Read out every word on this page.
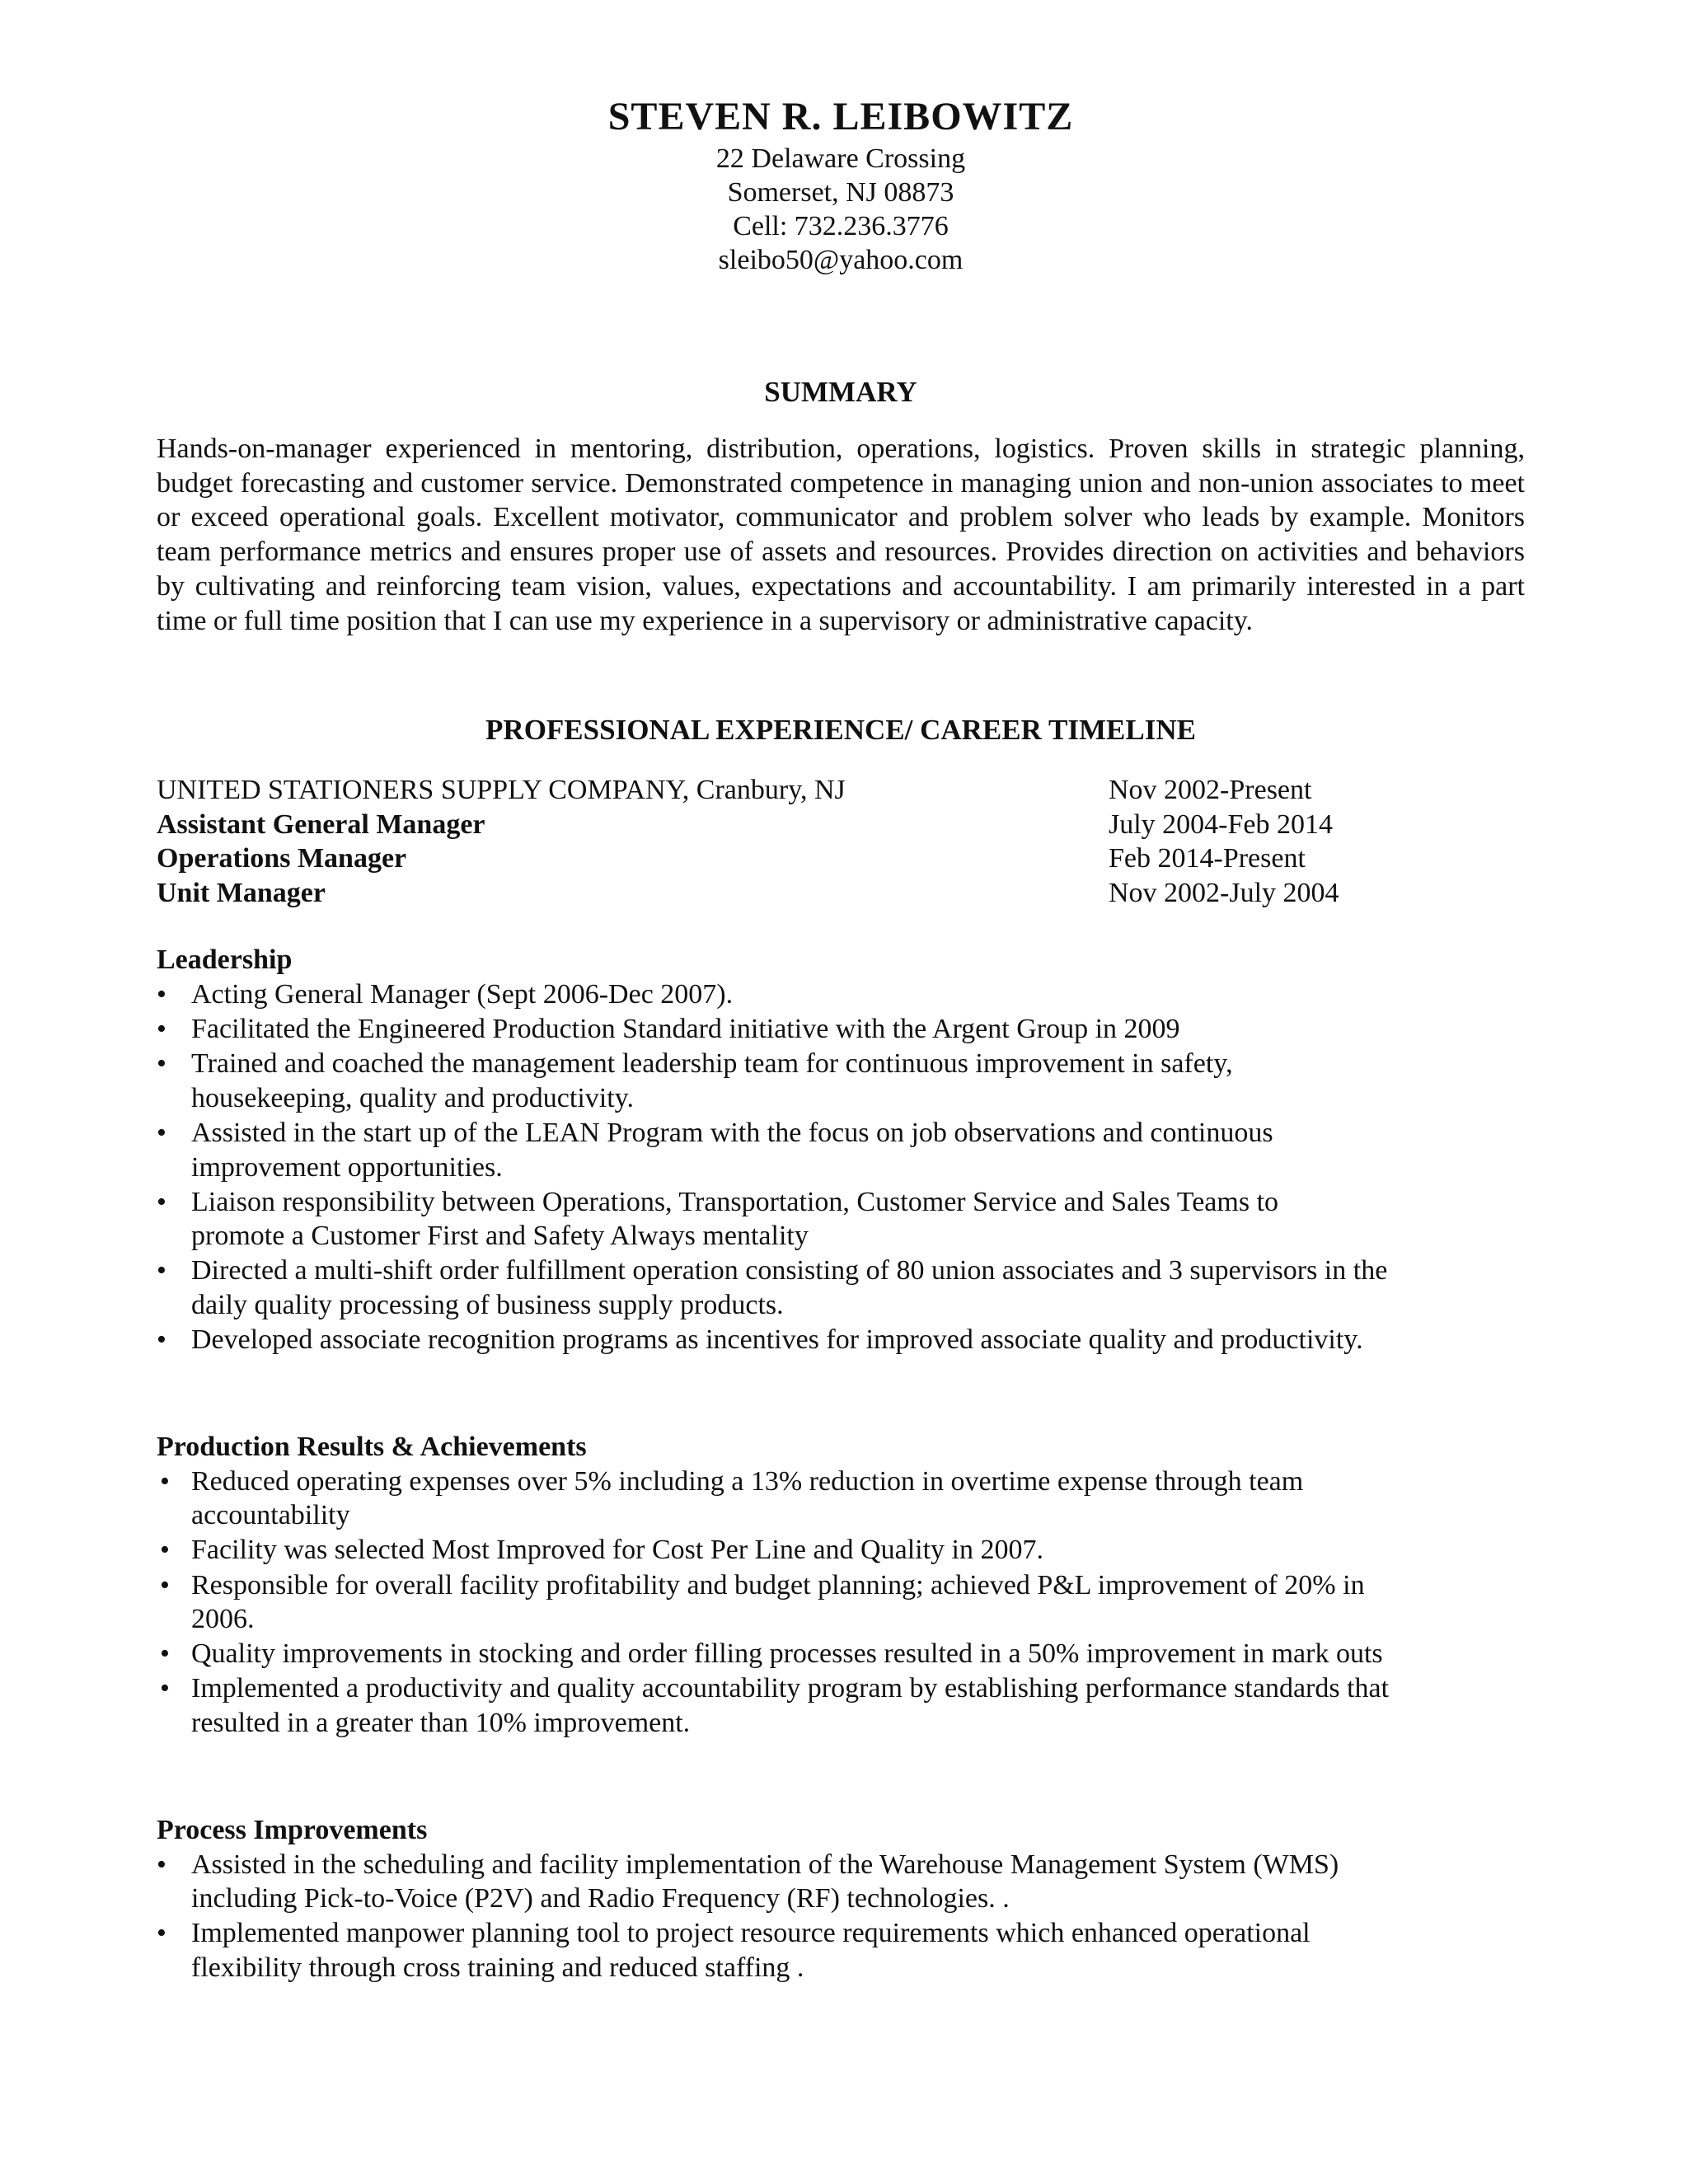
STEVEN R. LEIBOWITZ
22 Delaware Crossing
Somerset, NJ 08873
Cell: 732.236.3776
sleibo50@yahoo.com
SUMMARY
Hands-on-manager experienced in mentoring, distribution, operations, logistics. Proven skills in strategic planning, budget forecasting and customer service. Demonstrated competence in managing union and non-union associates to meet or exceed operational goals. Excellent motivator, communicator and problem solver who leads by example. Monitors team performance metrics and ensures proper use of assets and resources. Provides direction on activities and behaviors by cultivating and reinforcing team vision, values, expectations and accountability. I am primarily interested in a part time or full time position that I can use my experience in a supervisory or administrative capacity.
PROFESSIONAL EXPERIENCE/ CAREER TIMELINE
UNITED STATIONERS SUPPLY COMPANY, Cranbury, NJ	Nov 2002-Present
Assistant General Manager	July 2004-Feb 2014
Operations Manager	Feb 2014-Present
Unit Manager	Nov 2002-July 2004
Leadership
• Acting General Manager (Sept 2006-Dec 2007).
• Facilitated the Engineered Production Standard initiative with the Argent Group in 2009
• Trained and coached the management leadership team for continuous improvement in safety, housekeeping, quality and productivity.
• Assisted in the start up of the LEAN Program with the focus on job observations and continuous improvement opportunities.
• Liaison responsibility between Operations, Transportation, Customer Service and Sales Teams to promote a Customer First and Safety Always mentality
• Directed a multi-shift order fulfillment operation consisting of 80 union associates and 3 supervisors in the daily quality processing of business supply products.
• Developed associate recognition programs as incentives for improved associate quality and productivity.
Production Results & Achievements
• Reduced operating expenses over 5% including a 13% reduction in overtime expense through team accountability
• Facility was selected Most Improved for Cost Per Line and Quality in 2007.
• Responsible for overall facility profitability and budget planning; achieved P&L improvement of 20% in 2006.
• Quality improvements in stocking and order filling processes resulted in a 50% improvement in mark outs
• Implemented a productivity and quality accountability program by establishing performance standards that resulted in a greater than 10% improvement.
Process Improvements
• Assisted in the scheduling and facility implementation of the Warehouse Management System (WMS) including Pick-to-Voice (P2V) and Radio Frequency (RF) technologies. .
• Implemented manpower planning tool to project resource requirements which enhanced operational flexibility through cross training and reduced staffing .
